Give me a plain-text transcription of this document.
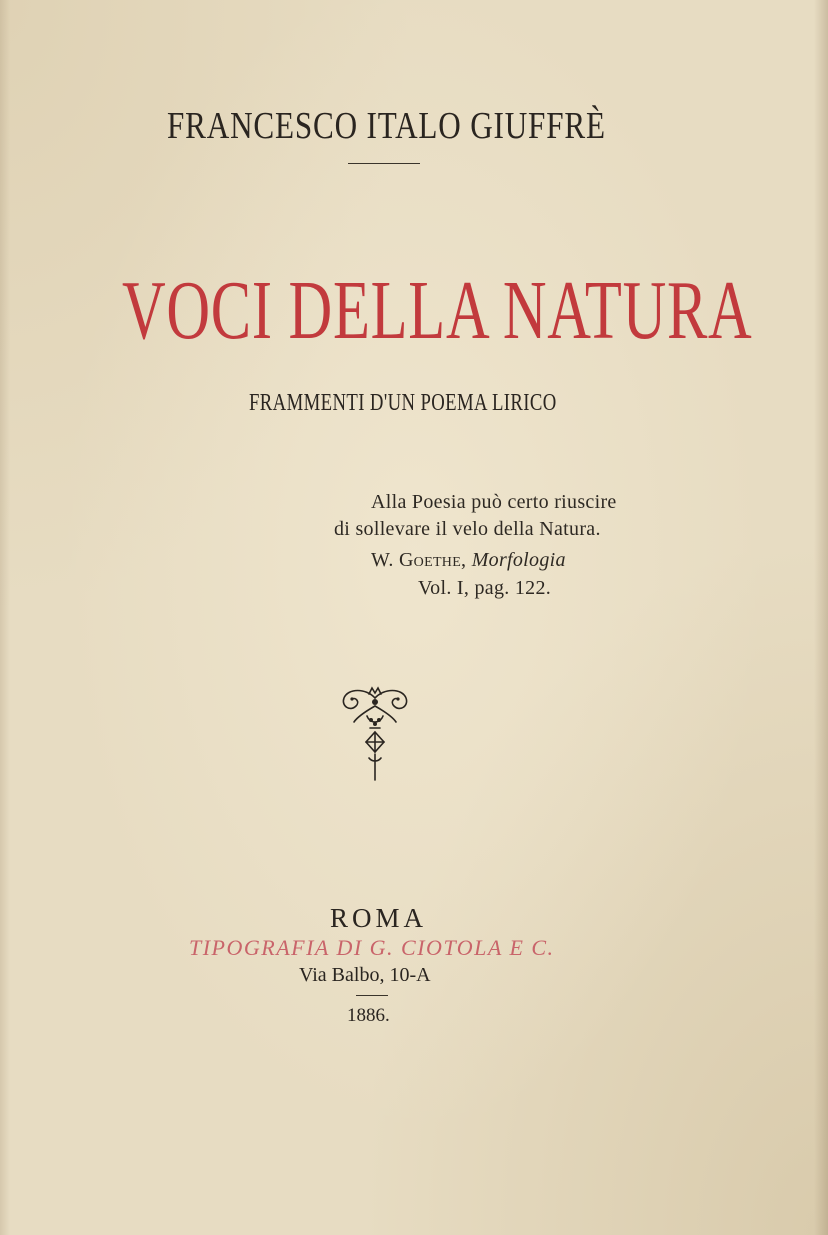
FRANCESCO ITALO GIUFFRÈ
VOCI DELLA NATURA
FRAMMENTI D'UN POEMA LIRICO
Alla Poesia può certo riuscire
di sollevare il velo della Natura.
W. Goethe, Morfologia
Vol. I, pag. 122.
ROMA
TIPOGRAFIA DI G. CIOTOLA E C.
Via Balbo, 10-A
1886.
